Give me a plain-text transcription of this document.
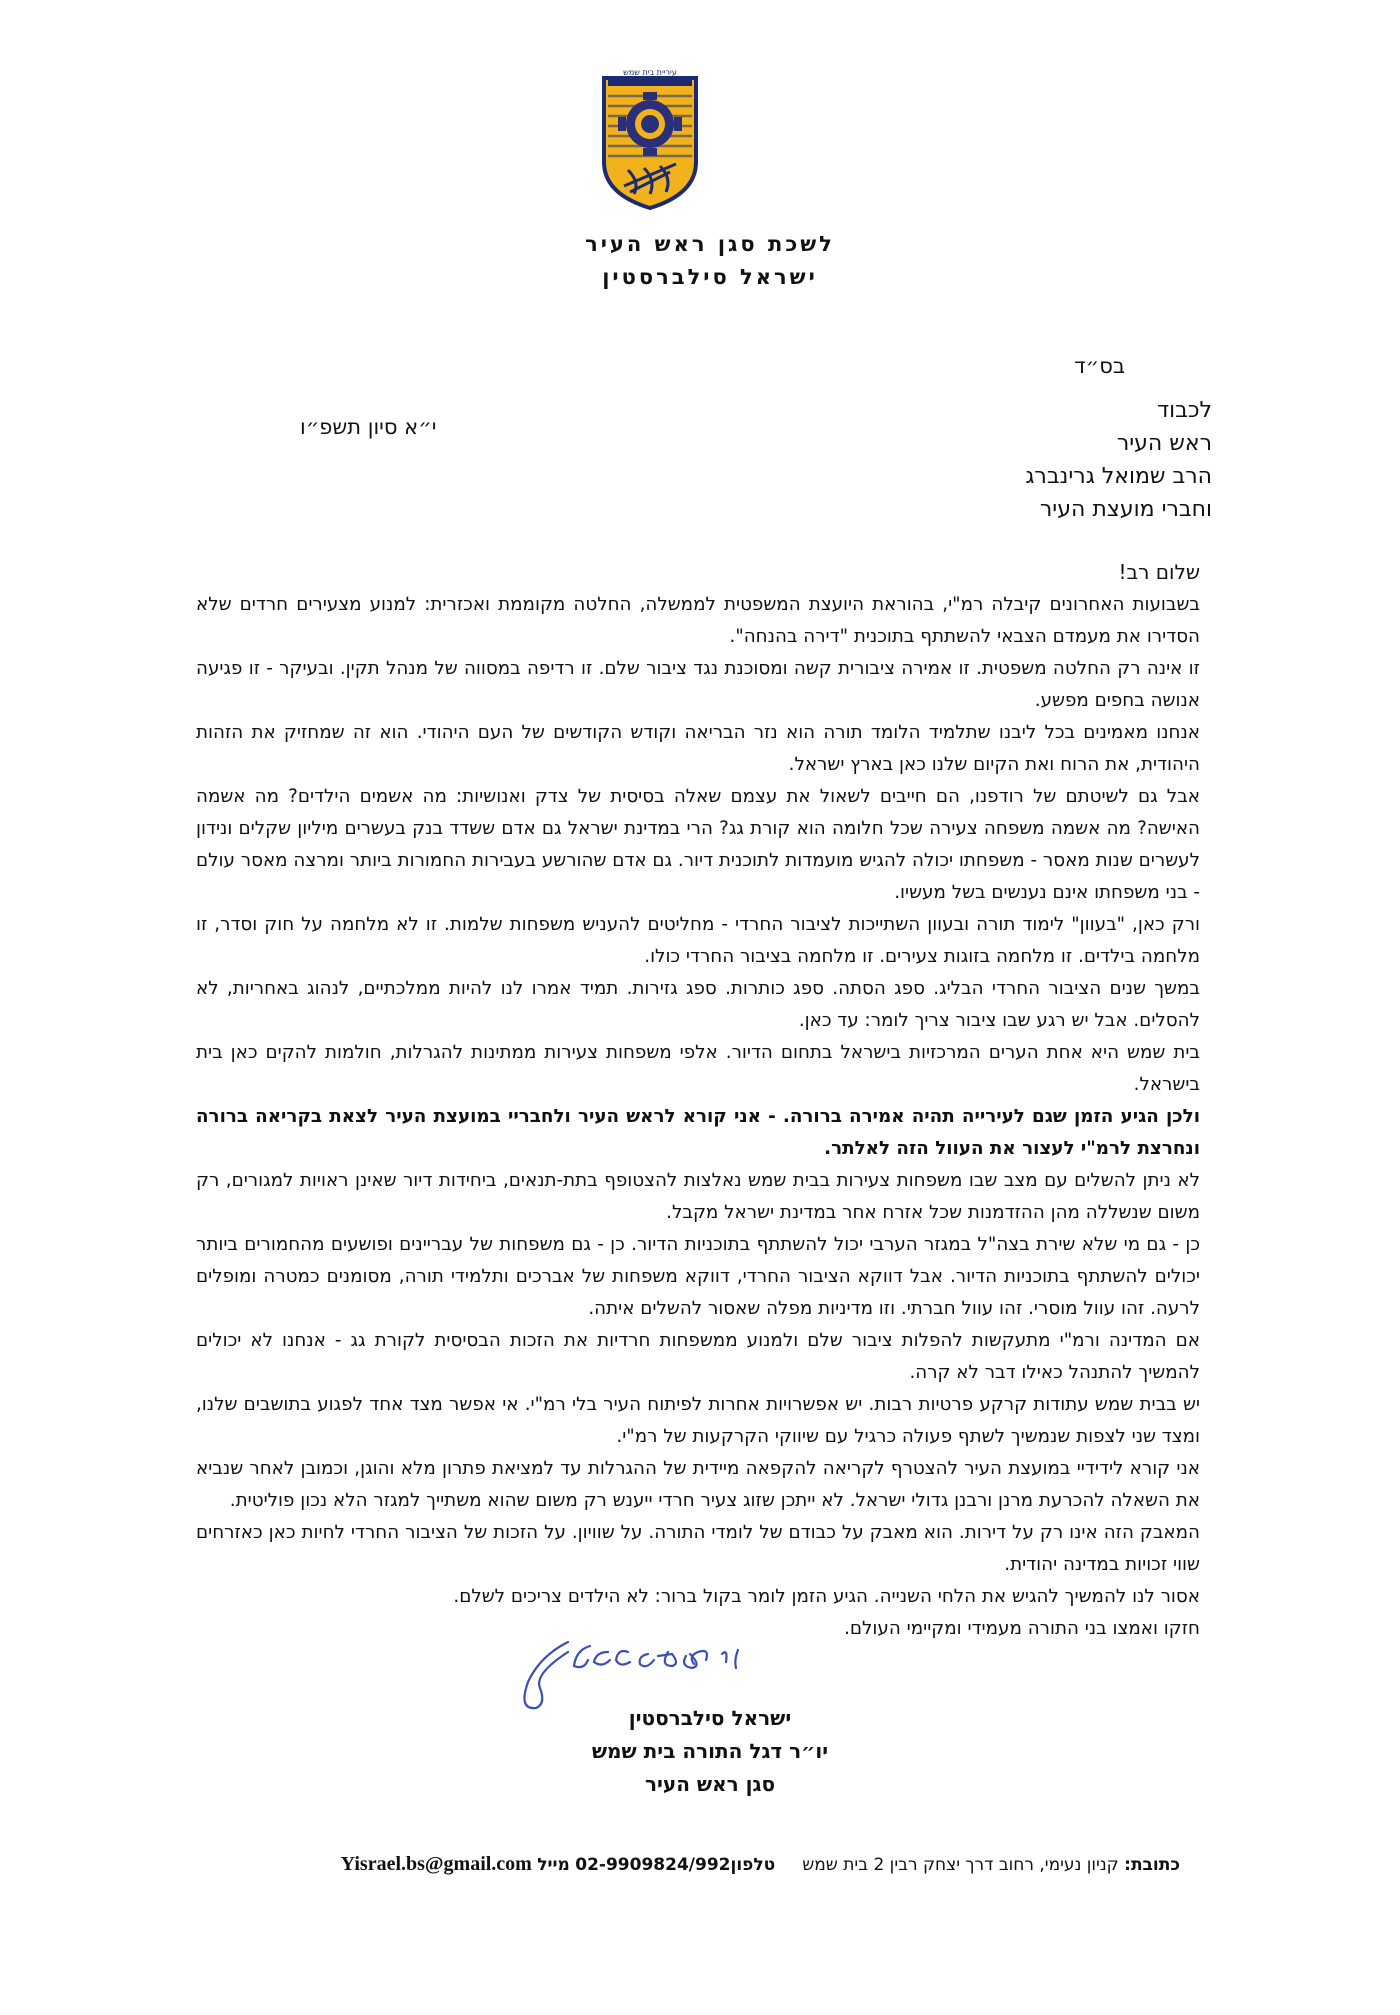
עיריית בית שמש
לשכת סגן ראש העיר
ישראל סילברסטין
בס״ד
לכבוד
ראש העיר
הרב שמואל גרינברג
וחברי מועצת העיר
י״א סיון תשפ״ו

שלום רב!

בשבועות האחרונים קיבלה רמ"י, בהוראת היועצת המשפטית לממשלה, החלטה מקוממת ואכזרית: למנוע מצעירים חרדים שלא הסדירו את מעמדם הצבאי להשתתף בתוכנית "דירה בהנחה".

זו אינה רק החלטה משפטית. זו אמירה ציבורית קשה ומסוכנת נגד ציבור שלם. זו רדיפה במסווה של מנהל תקין. ובעיקר - זו פגיעה אנושה בחפים מפשע.

אנחנו מאמינים בכל ליבנו שתלמיד הלומד תורה הוא נזר הבריאה וקודש הקודשים של העם היהודי. הוא זה שמחזיק את הזהות היהודית, את הרוח ואת הקיום שלנו כאן בארץ ישראל.

אבל גם לשיטתם של רודפנו, הם חייבים לשאול את עצמם שאלה בסיסית של צדק ואנושיות: מה אשמים הילדים? מה אשמה האישה? מה אשמה משפחה צעירה שכל חלומה הוא קורת גג? הרי במדינת ישראל גם אדם ששדד בנק בעשרים מיליון שקלים ונידון לעשרים שנות מאסר - משפחתו יכולה להגיש מועמדות לתוכנית דיור. גם אדם שהורשע בעבירות החמורות ביותר ומרצה מאסר עולם - בני משפחתו אינם נענשים בשל מעשיו.

ורק כאן, "בעוון" לימוד תורה ובעוון השתייכות לציבור החרדי - מחליטים להעניש משפחות שלמות. זו לא מלחמה על חוק וסדר, זו מלחמה בילדים. זו מלחמה בזוגות צעירים. זו מלחמה בציבור החרדי כולו.

במשך שנים הציבור החרדי הבליג. ספג הסתה. ספג כותרות. ספג גזירות. תמיד אמרו לנו להיות ממלכתיים, לנהוג באחריות, לא להסלים. אבל יש רגע שבו ציבור צריך לומר: עד כאן.

בית שמש היא אחת הערים המרכזיות בישראל בתחום הדיור. אלפי משפחות צעירות ממתינות להגרלות, חולמות להקים כאן בית בישראל.

ולכן הגיע הזמן שגם לעירייה תהיה אמירה ברורה. - אני קורא לראש העיר ולחבריי במועצת העיר לצאת בקריאה ברורה ונחרצת לרמ"י לעצור את העוול הזה לאלתר.

לא ניתן להשלים עם מצב שבו משפחות צעירות בבית שמש נאלצות להצטופף בתת-תנאים, ביחידות דיור שאינן ראויות למגורים, רק משום שנשללה מהן ההזדמנות שכל אזרח אחר במדינת ישראל מקבל.

כן - גם מי שלא שירת בצה"ל במגזר הערבי יכול להשתתף בתוכניות הדיור. כן - גם משפחות של עבריינים ופושעים מהחמורים ביותר יכולים להשתתף בתוכניות הדיור. אבל דווקא הציבור החרדי, דווקא משפחות של אברכים ותלמידי תורה, מסומנים כמטרה ומופלים לרעה. זהו עוול מוסרי. זהו עוול חברתי. וזו מדיניות מפלה שאסור להשלים איתה.

אם המדינה ורמ"י מתעקשות להפלות ציבור שלם ולמנוע ממשפחות חרדיות את הזכות הבסיסית לקורת גג - אנחנו לא יכולים להמשיך להתנהל כאילו דבר לא קרה.

יש בבית שמש עתודות קרקע פרטיות רבות. יש אפשרויות אחרות לפיתוח העיר בלי רמ"י. אי אפשר מצד אחד לפגוע בתושבים שלנו, ומצד שני לצפות שנמשיך לשתף פעולה כרגיל עם שיווקי הקרקעות של רמ"י.

אני קורא לידידיי במועצת העיר להצטרף לקריאה להקפאה מיידית של ההגרלות עד למציאת פתרון מלא והוגן, וכמובן לאחר שנביא את השאלה להכרעת מרנן ורבנן גדולי ישראל. לא ייתכן שזוג צעיר חרדי ייענש רק משום שהוא משתייך למגזר הלא נכון פוליטית.

המאבק הזה אינו רק על דירות. הוא מאבק על כבודם של לומדי התורה. על שוויון. על הזכות של הציבור החרדי לחיות כאן כאזרחים שווי זכויות במדינה יהודית.

אסור לנו להמשיך להגיש את הלחי השנייה. הגיע הזמן לומר בקול ברור: לא הילדים צריכים לשלם.

חזקו ואמצו בני התורה מעמידי ומקיימי העולם.

ישראל סילברסטין
יו״ר דגל התורה בית שמש
סגן ראש העיר
כתובת: קניון נעימי, רחוב דרך יצחק רבין 2 בית שמש     טלפון02-9909824/992 מייל Yisrael.bs@gmail.com
